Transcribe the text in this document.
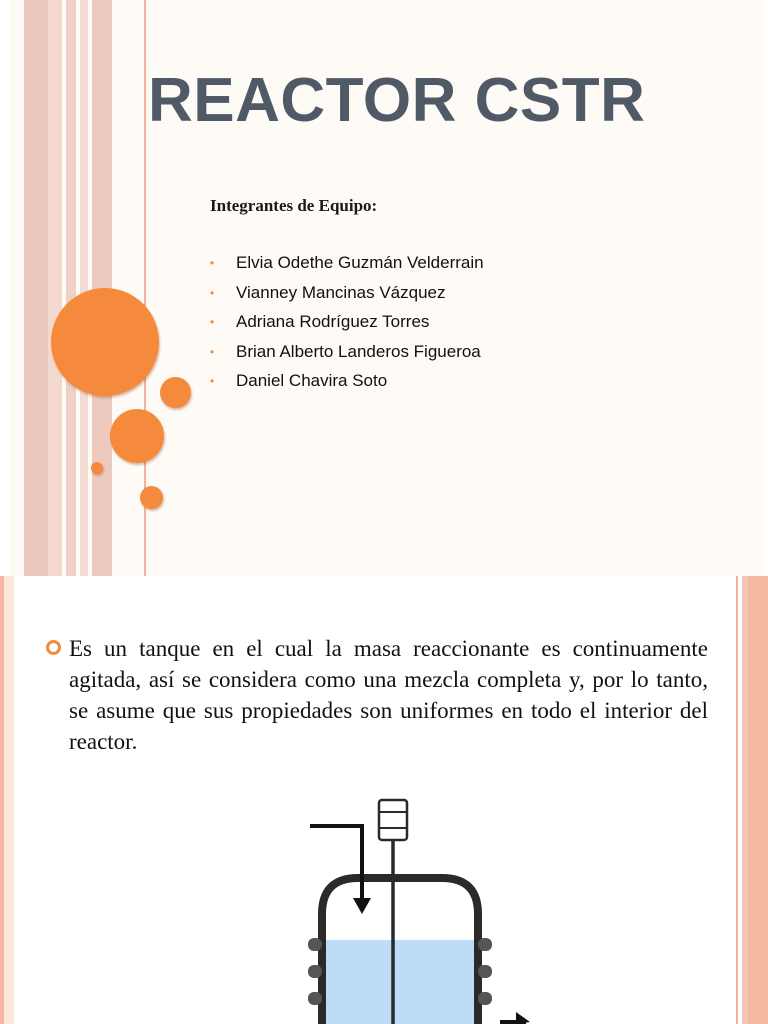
REACTOR CSTR
Integrantes de Equipo:
•	Elvia Odethe Guzmán Velderrain
•	Vianney Mancinas Vázquez
•	Adriana Rodríguez Torres
•	Brian Alberto Landeros Figueroa
•	Daniel Chavira Soto

Es un tanque en el cual la masa reaccionante es continuamente agitada, así se considera como una mezcla completa y, por lo tanto, se asume que sus propiedades son uniformes en todo el interior del reactor.
